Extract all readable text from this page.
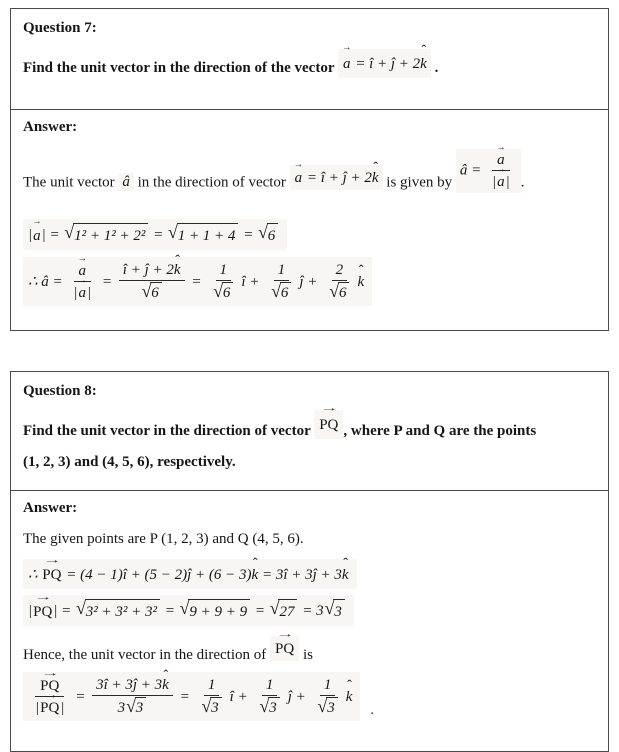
Question 7:

Find the unit vector in the direction of the vector → a = î + ĵ + 2k ˆ .

Answer:

The unit vector â in the direction of vector → a = î + ĵ + 2k ˆ is given by â = → $\frac{a}{|\to a|}$ .

| → a | = √ 1² + 1² + 2² = √ 1 + 1 + 4 = √ 6
∴ â = → $\frac{a}{|\to a|}$ = î + ĵ + 2k ˆ
√ 6 = 1
√ 6 î + 1
√ 6 ĵ + 2
√ 6 k ˆ
Question 8:

Find the unit vector in the direction of vector → PQ , where P and Q are the points

(1, 2, 3) and (4, 5, 6), respectively.

Answer:

The given points are P (1, 2, 3) and Q (4, 5, 6).

∴ → PQ = (4 − 1)î + (5 − 2)ĵ + (6 − 3) k ˆ = 3î + 3ĵ + 3 k ˆ
| → PQ | = √ 3² + 3² + 3² = √ 9 + 9 + 9 = √ 27 = 3 √ 3

Hence, the unit vector in the direction of → PQ is

→ $\frac{PQ}{|\to PQ|} = \frac{\text{3î + 3ĵ + 3k ˆ}}{3 √ 3} = 1$
√ 3 î + 1
√ 3 ĵ + 1
√ 3 k ˆ
.
